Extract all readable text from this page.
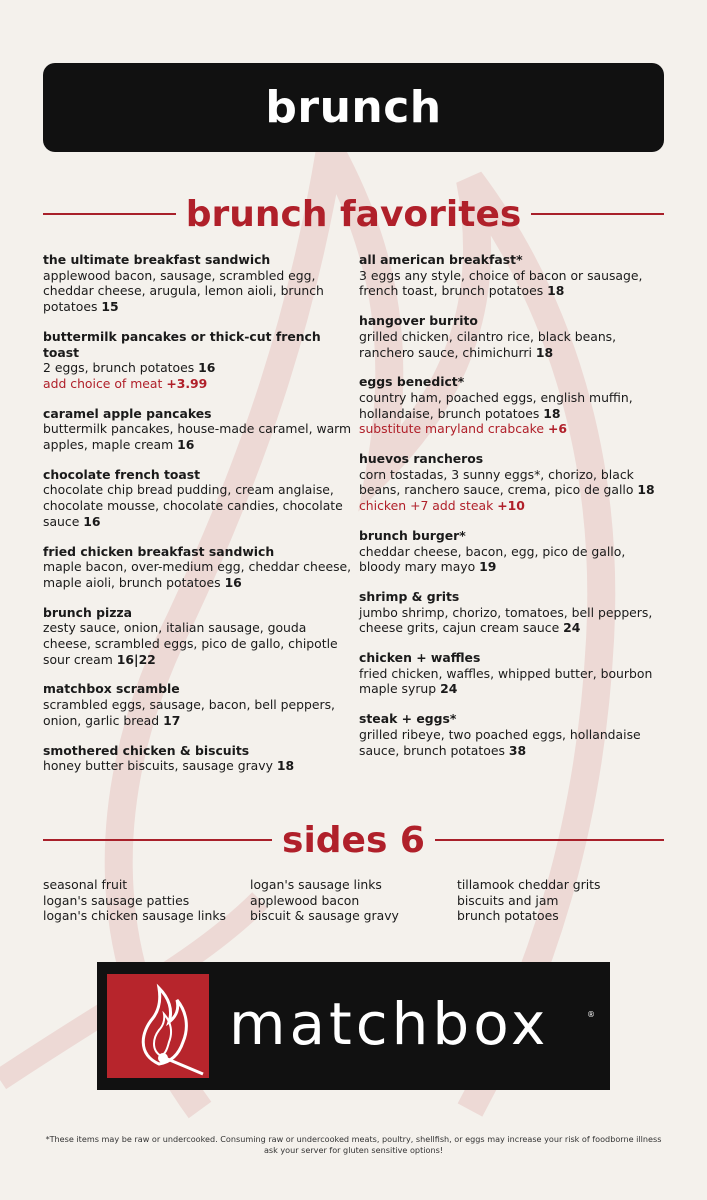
brunch
brunch favorites
the ultimate breakfast sandwich
applewood bacon, sausage, scrambled egg, cheddar cheese, arugula, lemon aioli, brunch potatoes 15
buttermilk pancakes or thick-cut french toast
2 eggs, brunch potatoes 16
add choice of meat +3.99
caramel apple pancakes
buttermilk pancakes, house-made caramel, warm apples, maple cream 16
chocolate french toast
chocolate chip bread pudding, cream anglaise, chocolate mousse, chocolate candies, chocolate sauce 16
fried chicken breakfast sandwich
maple bacon, over-medium egg, cheddar cheese, maple aioli, brunch potatoes 16
brunch pizza
zesty sauce, onion, italian sausage, gouda cheese, scrambled eggs, pico de gallo, chipotle sour cream 16|22
matchbox scramble
scrambled eggs, sausage, bacon, bell peppers, onion, garlic bread 17
smothered chicken & biscuits
honey butter biscuits, sausage gravy 18
all american breakfast*
3 eggs any style, choice of bacon or sausage, french toast, brunch potatoes 18
hangover burrito
grilled chicken, cilantro rice, black beans, ranchero sauce, chimichurri 18
eggs benedict*
country ham, poached eggs, english muffin, hollandaise, brunch potatoes 18
substitute maryland crabcake +6
huevos rancheros
corn tostadas, 3 sunny eggs*, chorizo, black beans, ranchero sauce, crema, pico de gallo 18
chicken +7 add steak +10
brunch burger*
cheddar cheese, bacon, egg, pico de gallo, bloody mary mayo 19
shrimp & grits
jumbo shrimp, chorizo, tomatoes, bell peppers, cheese grits, cajun cream sauce 24
chicken + waffles
fried chicken, waffles, whipped butter, bourbon maple syrup 24
steak + eggs*
grilled ribeye, two poached eggs, hollandaise sauce, brunch potatoes 38
sides 6
seasonal fruit
logan's sausage patties
logan's chicken sausage links
logan's sausage links
applewood bacon
biscuit & sausage gravy
tillamook cheddar grits
biscuits and jam
brunch potatoes
matchbox	®
*These items may be raw or undercooked. Consuming raw or undercooked meats, poultry, shellfish, or eggs may increase your risk of foodborne illness ask your server for gluten sensitive options!
